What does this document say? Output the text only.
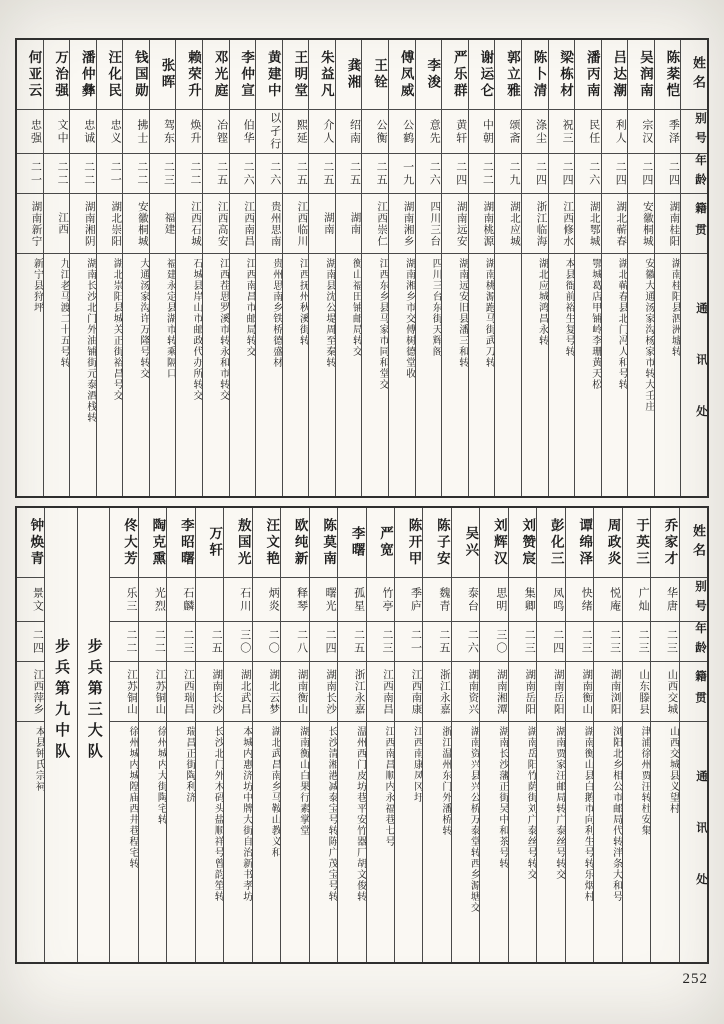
姓名
别号
年龄
籍贯
通讯处
陈棻恺
季泽
二四
湖南桂阳
湖南桂阳县泗洲墟转
吴润南
宗汉
二四
安徽桐城
安徽大通汤家沟杨家市转大壬庄
吕达潮
利人
二四
湖北蕲春
湖北蕲春县北门冯人和号转
潘丙南
民任
二六
湖北鄂城
鄂城葛店甲铺岭李珊黄天松
梁栋材
祝三
二四
江西修水
本县衙前裕生复号转
陈卜清
涤尘
二四
浙江临海
湖北应城鸿昌永转
郭立雅
颂斋
二九
湖北应城
谢运仑
中朝
二二
湖南桃源
湖南桃源跑马街武刀转
严乐群
黄轩
二四
湖南远安
湖南远安旧县潘三和转
李浚
意先
二六
四川三台
四川三台东街天辉阁
傅凤威
公鹤
一九
湖南湘乡
湖南湘乡市交傅树德堂收
王铨
公衡
二五
江西崇仁
江西东乡县马家市同和堂交
龚湘
绍南
二五
湖南
衡山福田铺邮局转交
朱益凡
介人
二五
湖南
湖南县沈公堤周至秦转
王明堂
熙延
二五
江西临川
江西抚州秋溪街转
黄建中
以孑行
二六
贵州思南
贵州思南乡铁桥德盛材
李仲宣
伯华
二六
江西南昌
江西南昌市邮局转交
邓光庭
冶铿
二五
江西高安
江西茬思罗溪市转永和市转交
赖荣升
焕升
二二
江西石城
石城县岸山市邮政代办所转交
张晖
驾东
二三
福建
福建永定县湖市转乘隔口
钱国勋
拂士
二二
安徽桐城
大通汤家沟许万隆号转交
汪化民
忠义
二一
湖北崇阳
湖北崇阳县城关正街裕昌号交
潘仲彝
忠诚
二二
湖南湘阴
湖南长沙北门外油铺街元泰酒栈转
万治强
文中
二二
江西
九江老马渡二十五号转
何亚云
忠强
二一
湖南新宁
新宁县狩坪
姓名
别号
年龄
籍贯
通讯处
乔家才
华唐
二三
山西交城
山西交城县义望村
于英三
广灿
二三
山东滕县
津浦徐州贾汪转杜安集
周政炎
悦庵
二三
湖南浏阳
浏阳北乡相公市邮局代转泮条大和号
谭绵泽
快绪
二三
湖南衡山
湖南衡山县白鹅市向利生号转乐烟村
彭化三
凤鸣
二四
湖南岳阳
湖南贾家汪邮局转广泰丝号转交
刘赞宸
集卿
二三
湖南岳阳
湖南岳阳竹荫街刘广泰丝号转交
刘辉汉
思明
三〇
湖南湘潭
湖南长沙藩正街吴中和茶号转
吴兴
泰台
二六
湖南资兴
湖南资兴县兴公桥万泰堂转西乡源塘交
陈子安
魏青
二五
浙江永嘉
浙江温州东门外潘桥转
陈开甲
季庐
二一
江西南康
江西南康凤冈圩
严宽
竹亭
二三
江西南昌
江西南昌顺内永福巷七号
李曙
孤星
二五
浙江永嘉
温州西门皮坊巷平安竹器厂胡文俊转
陈莫南
曙光
二四
湖南长沙
长沙清湘港减泰宝号转陈广茂宝号转
欧纯新
释琴
二八
湖南衡山
湖南衡山白果行素掌堂
汪文艳
炳炎
二〇
湖北云梦
湖北武昌南乡马鞍山教义和
敖国光
石川
三〇
湖北武昌
本城内惠济坊中牌大街自治新书孝坊
万轩
二五
湖南长沙
长沙北门外木码头盐顺祥号曾韵笙转
李昭曙
石麟
二三
江西瑞昌
瑞昌正街陶利济
陶克熏
光烈
二二
江苏铜山
徐州城内大街陶宅转
佟大芳
乐三
二二
江苏铜山
徐州城内城隍庙西井巷程宅转
步兵第三大队
步兵第九中队
钟焕青
景文
二四
江西萍乡
本县钟氏宗祠
252
